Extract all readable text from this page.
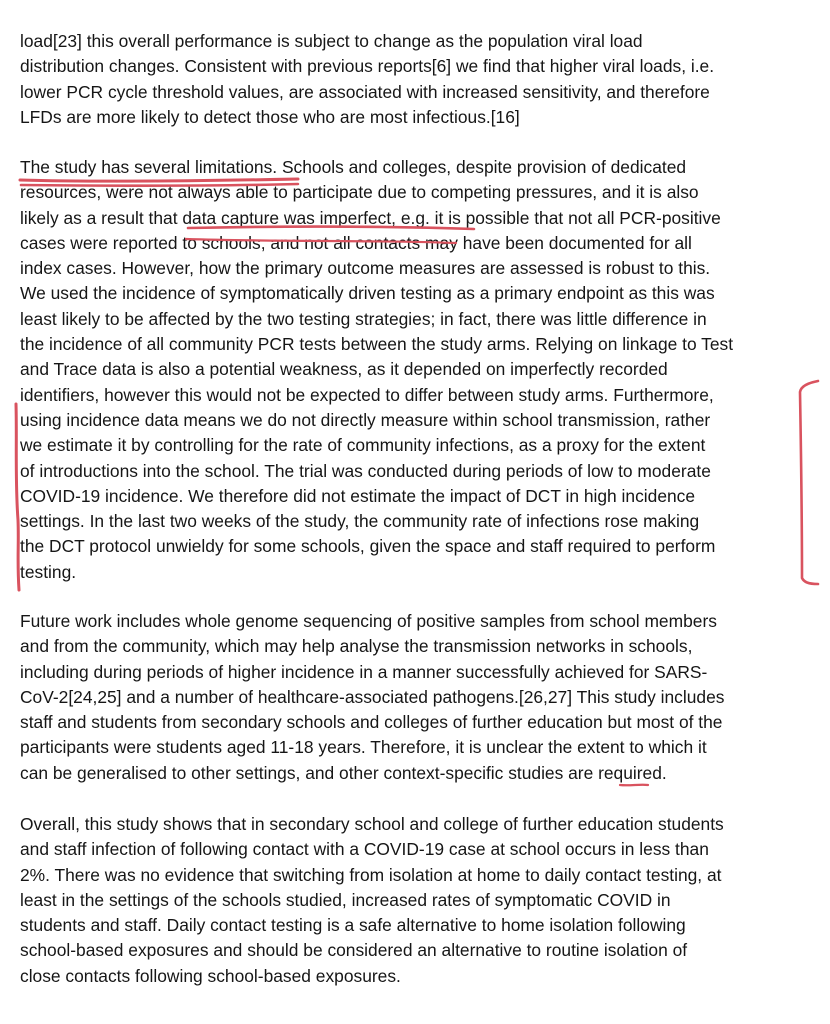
load[23] this overall performance is subject to change as the population viral load
distribution changes. Consistent with previous reports[6] we find that higher viral loads, i.e.
lower PCR cycle threshold values, are associated with increased sensitivity, and therefore
LFDs are more likely to detect those who are most infectious.[16]

The study has several limitations. Schools and colleges, despite provision of dedicated
resources, were not always able to participate due to competing pressures, and it is also
likely as a result that data capture was imperfect, e.g. it is possible that not all PCR-positive
cases were reported to schools, and not all contacts may have been documented for all
index cases. However, how the primary outcome measures are assessed is robust to this.
We used the incidence of symptomatically driven testing as a primary endpoint as this was
least likely to be affected by the two testing strategies; in fact, there was little difference in
the incidence of all community PCR tests between the study arms. Relying on linkage to Test
and Trace data is also a potential weakness, as it depended on imperfectly recorded
identifiers, however this would not be expected to differ between study arms. Furthermore,
using incidence data means we do not directly measure within school transmission, rather
we estimate it by controlling for the rate of community infections, as a proxy for the extent
of introductions into the school. The trial was conducted during periods of low to moderate
COVID-19 incidence. We therefore did not estimate the impact of DCT in high incidence
settings. In the last two weeks of the study, the community rate of infections rose making
the DCT protocol unwieldy for some schools, given the space and staff required to perform
testing.

Future work includes whole genome sequencing of positive samples from school members
and from the community, which may help analyse the transmission networks in schools,
including during periods of higher incidence in a manner successfully achieved for SARS-
CoV-2[24,25] and a number of healthcare-associated pathogens.[26,27] This study includes
staff and students from secondary schools and colleges of further education but most of the
participants were students aged 11-18 years. Therefore, it is unclear the extent to which it
can be generalised to other settings, and other context-specific studies are required.

Overall, this study shows that in secondary school and college of further education students
and staff infection of following contact with a COVID-19 case at school occurs in less than
2%. There was no evidence that switching from isolation at home to daily contact testing, at
least in the settings of the schools studied, increased rates of symptomatic COVID in
students and staff. Daily contact testing is a safe alternative to home isolation following
school-based exposures and should be considered an alternative to routine isolation of
close contacts following school-based exposures.
